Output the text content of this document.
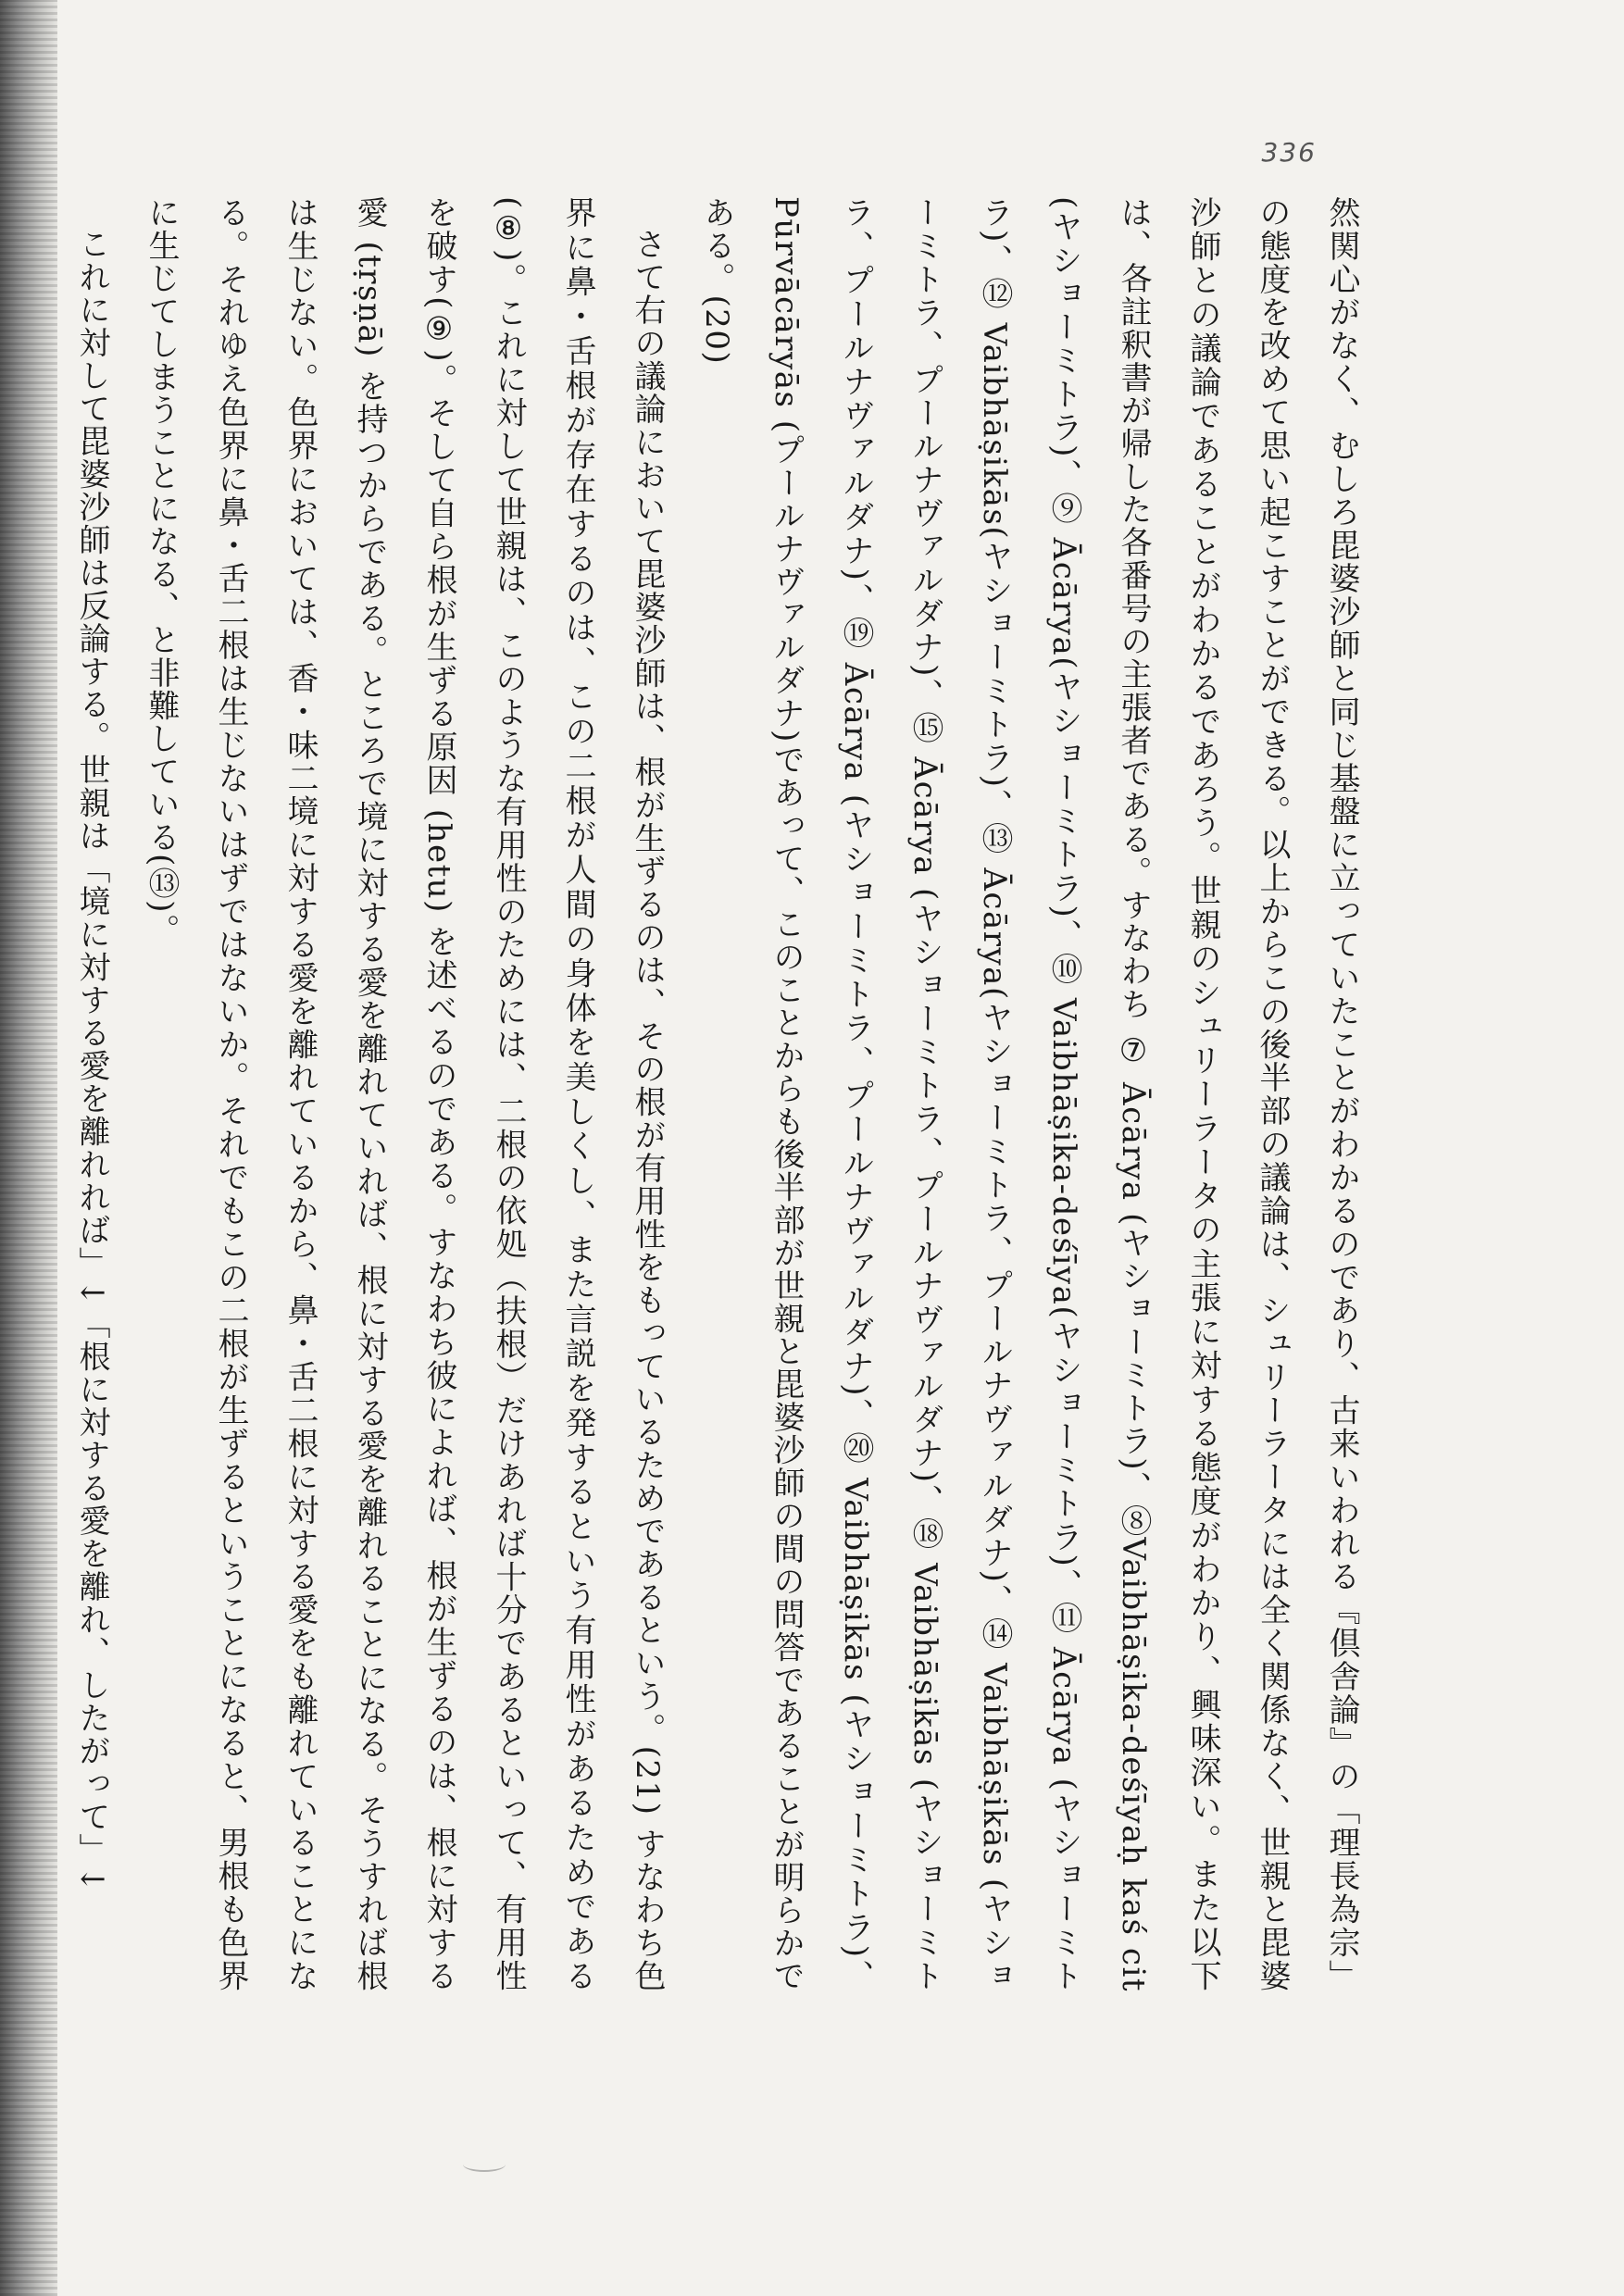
336

然関心がなく、むしろ毘婆沙師と同じ基盤に立っていたことがわかるのであり、古来いわれる『倶舎論』の「理長為宗」の態度を改めて思い起こすことができる。以上からこの後半部の議論は、シュリーラータには全く関係なく、世親と毘婆沙師との議論であることがわかるであろう。世親のシュリーラータの主張に対する態度がわかり、興味深い。また以下は、各註釈書が帰した各番号の主張者である。すなわち ⑦ Ācārya (ヤショーミトラ)、⑧Vaibhāṣika-deśīyaḥ kaś cit (ヤショーミトラ)、⑨ Ācārya(ヤショーミトラ)、⑩ Vaibhāṣika-deśīya(ヤショーミトラ)、⑪ Ācārya (ヤショーミトラ)、⑫ Vaibhāṣikās(ヤショーミトラ)、⑬ Ācārya(ヤショーミトラ、プールナヴァルダナ)、⑭ Vaibhāṣikās (ヤショーミトラ、プールナヴァルダナ)、⑮ Ācārya (ヤショーミトラ、プールナヴァルダナ)、⑱ Vaibhāṣikās (ヤショーミトラ、プールナヴァルダナ)、⑲ Ācārya (ヤショーミトラ、プールナヴァルダナ)、⑳ Vaibhāṣikās (ヤショーミトラ)、Pūrvācāryās (プールナヴァルダナ)であって、このことからも後半部が世親と毘婆沙師の間の問答であることが明らかである。(20)

さて右の議論において毘婆沙師は、根が生ずるのは、その根が有用性をもっているためであるという。(21) すなわち色界に鼻・舌根が存在するのは、この二根が人間の身体を美しくし、また言説を発するという有用性があるためである(⑧)。これに対して世親は、このような有用性のためには、二根の依処（扶根）だけあれば十分であるといって、有用性を破す(⑨)。そして自ら根が生ずる原因 (hetu) を述べるのである。すなわち彼によれば、根が生ずるのは、根に対する愛 (tṛṣṇā) を持つからである。ところで境に対する愛を離れていれば、根に対する愛を離れることになる。そうすれば根は生じない。色界においては、香・味二境に対する愛を離れているから、鼻・舌二根に対する愛をも離れていることになる。それゆえ色界に鼻・舌二根は生じないはずではないか。それでもこの二根が生ずるということになると、男根も色界に生じてしまうことになる、と非難している(⑬)。

これに対して毘婆沙師は反論する。世親は「境に対する愛を離れれば」↓「根に対する愛を離れ、したがって」↓
